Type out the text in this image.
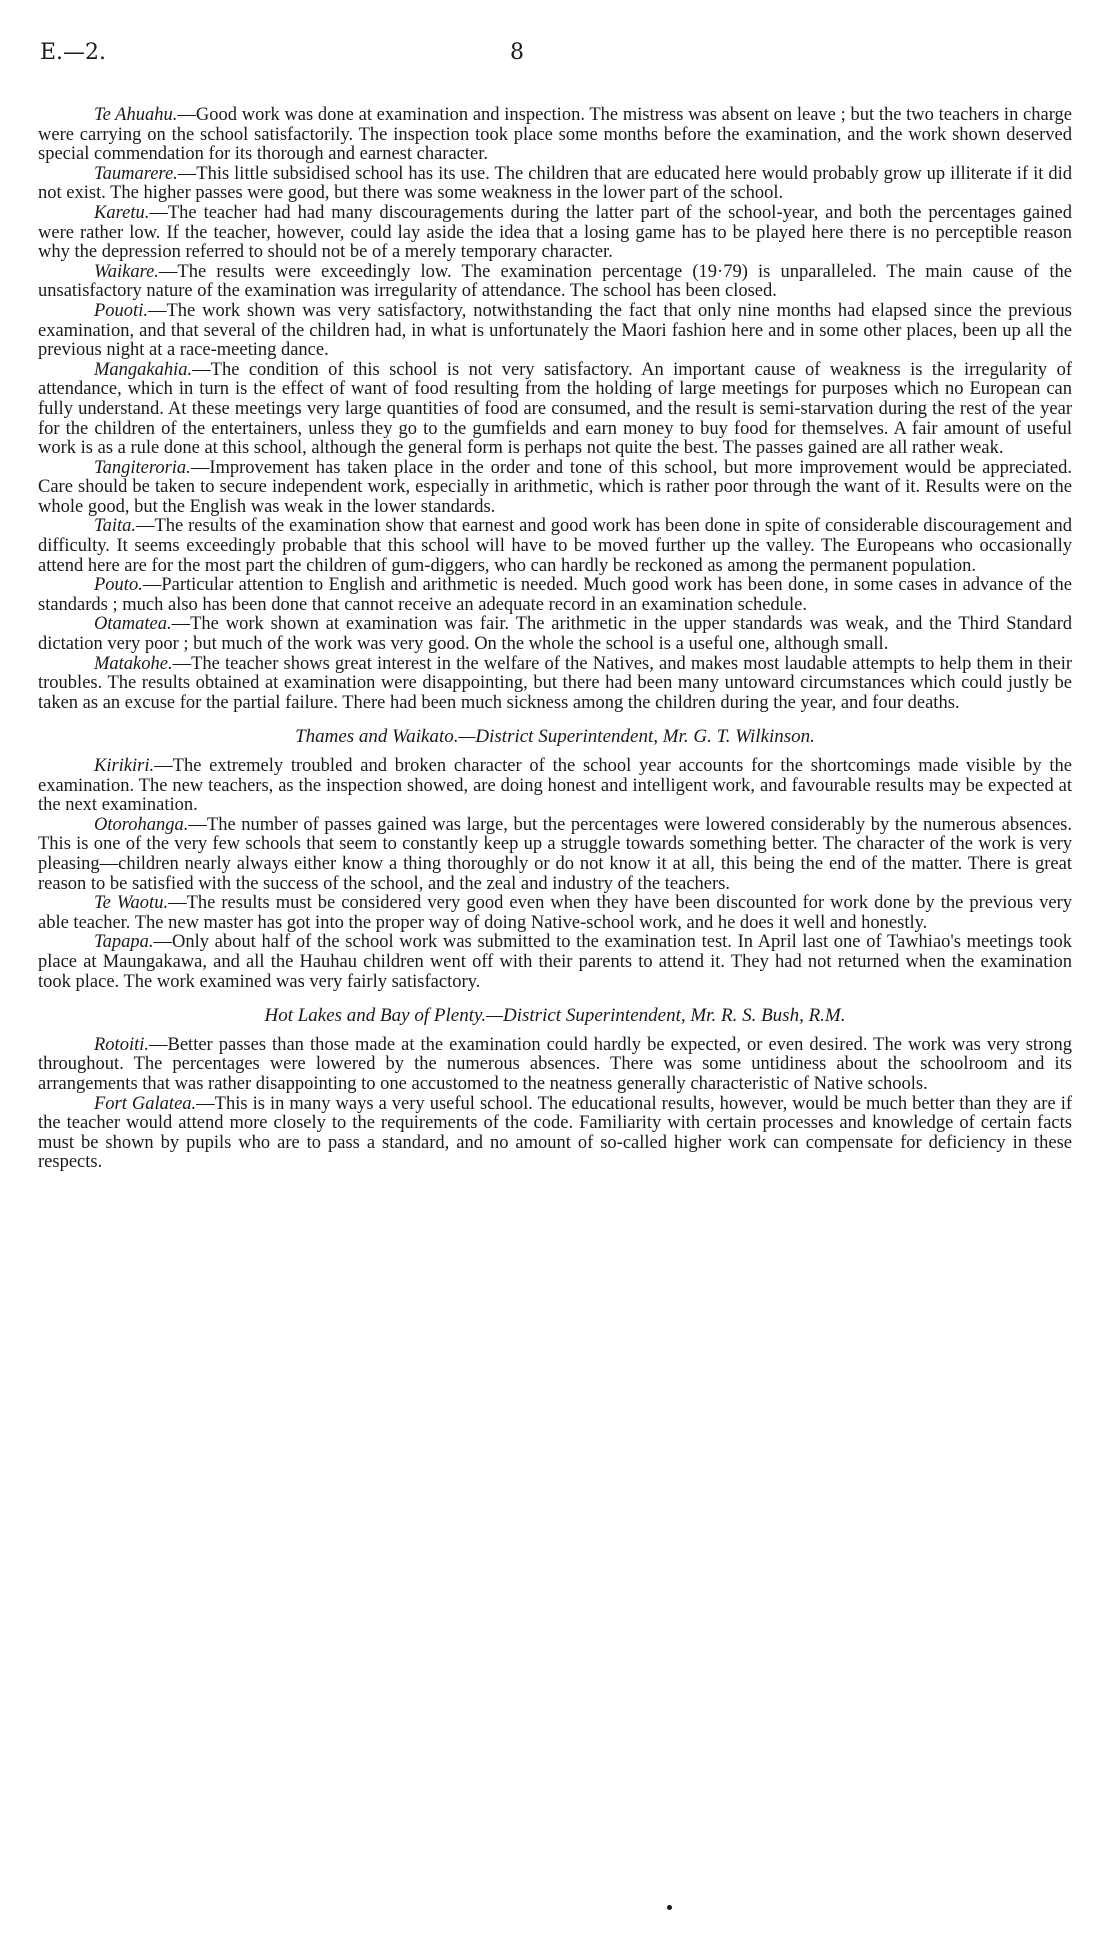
E.—2.	8

Te Ahuahu.—Good work was done at examination and inspection. The mistress was absent on leave ; but the two teachers in charge were carrying on the school satisfactorily. The inspection took place some months before the examination, and the work shown deserved special commendation for its thorough and earnest character.

Taumarere.—This little subsidised school has its use. The children that are educated here would probably grow up illiterate if it did not exist. The higher passes were good, but there was some weakness in the lower part of the school.

Karetu.—The teacher had had many discouragements during the latter part of the school-year, and both the percentages gained were rather low. If the teacher, however, could lay aside the idea that a losing game has to be played here there is no perceptible reason why the depression referred to should not be of a merely temporary character.

Waikare.—The results were exceedingly low. The examination percentage (19·79) is unparalleled. The main cause of the unsatisfactory nature of the examination was irregularity of attendance. The school has been closed.

Pouoti.—The work shown was very satisfactory, notwithstanding the fact that only nine months had elapsed since the previous examination, and that several of the children had, in what is unfortunately the Maori fashion here and in some other places, been up all the previous night at a race-meeting dance.

Mangakahia.—The condition of this school is not very satisfactory. An important cause of weakness is the irregularity of attendance, which in turn is the effect of want of food resulting from the holding of large meetings for purposes which no European can fully understand. At these meetings very large quantities of food are consumed, and the result is semi-starvation during the rest of the year for the children of the entertainers, unless they go to the gumfields and earn money to buy food for themselves. A fair amount of useful work is as a rule done at this school, although the general form is perhaps not quite the best. The passes gained are all rather weak.

Tangiteroria.—Improvement has taken place in the order and tone of this school, but more improvement would be appreciated. Care should be taken to secure independent work, especially in arithmetic, which is rather poor through the want of it. Results were on the whole good, but the English was weak in the lower standards.

Taita.—The results of the examination show that earnest and good work has been done in spite of considerable discouragement and difficulty. It seems exceedingly probable that this school will have to be moved further up the valley. The Europeans who occasionally attend here are for the most part the children of gum-diggers, who can hardly be reckoned as among the permanent population.

Pouto.—Particular attention to English and arithmetic is needed. Much good work has been done, in some cases in advance of the standards ; much also has been done that cannot receive an adequate record in an examination schedule.

Otamatea.—The work shown at examination was fair. The arithmetic in the upper standards was weak, and the Third Standard dictation very poor ; but much of the work was very good. On the whole the school is a useful one, although small.

Matakohe.—The teacher shows great interest in the welfare of the Natives, and makes most laudable attempts to help them in their troubles. The results obtained at examination were disappointing, but there had been many untoward circumstances which could justly be taken as an excuse for the partial failure. There had been much sickness among the children during the year, and four deaths.

Thames and Waikato.—District Superintendent, Mr. G. T. Wilkinson.

Kirikiri.—The extremely troubled and broken character of the school year accounts for the shortcomings made visible by the examination. The new teachers, as the inspection showed, are doing honest and intelligent work, and favourable results may be expected at the next examination.

Otorohanga.—The number of passes gained was large, but the percentages were lowered considerably by the numerous absences. This is one of the very few schools that seem to constantly keep up a struggle towards something better. The character of the work is very pleasing—children nearly always either know a thing thoroughly or do not know it at all, this being the end of the matter. There is great reason to be satisfied with the success of the school, and the zeal and industry of the teachers.

Te Waotu.—The results must be considered very good even when they have been discounted for work done by the previous very able teacher. The new master has got into the proper way of doing Native-school work, and he does it well and honestly.

Tapapa.—Only about half of the school work was submitted to the examination test. In April last one of Tawhiao's meetings took place at Maungakawa, and all the Hauhau children went off with their parents to attend it. They had not returned when the examination took place. The work examined was very fairly satisfactory.

Hot Lakes and Bay of Plenty.—District Superintendent, Mr. R. S. Bush, R.M.

Rotoiti.—Better passes than those made at the examination could hardly be expected, or even desired. The work was very strong throughout. The percentages were lowered by the numerous absences. There was some untidiness about the schoolroom and its arrangements that was rather disappointing to one accustomed to the neatness generally characteristic of Native schools.

Fort Galatea.—This is in many ways a very useful school. The educational results, however, would be much better than they are if the teacher would attend more closely to the requirements of the code. Familiarity with certain processes and knowledge of certain facts must be shown by pupils who are to pass a standard, and no amount of so-called higher work can compensate for deficiency in these respects.
